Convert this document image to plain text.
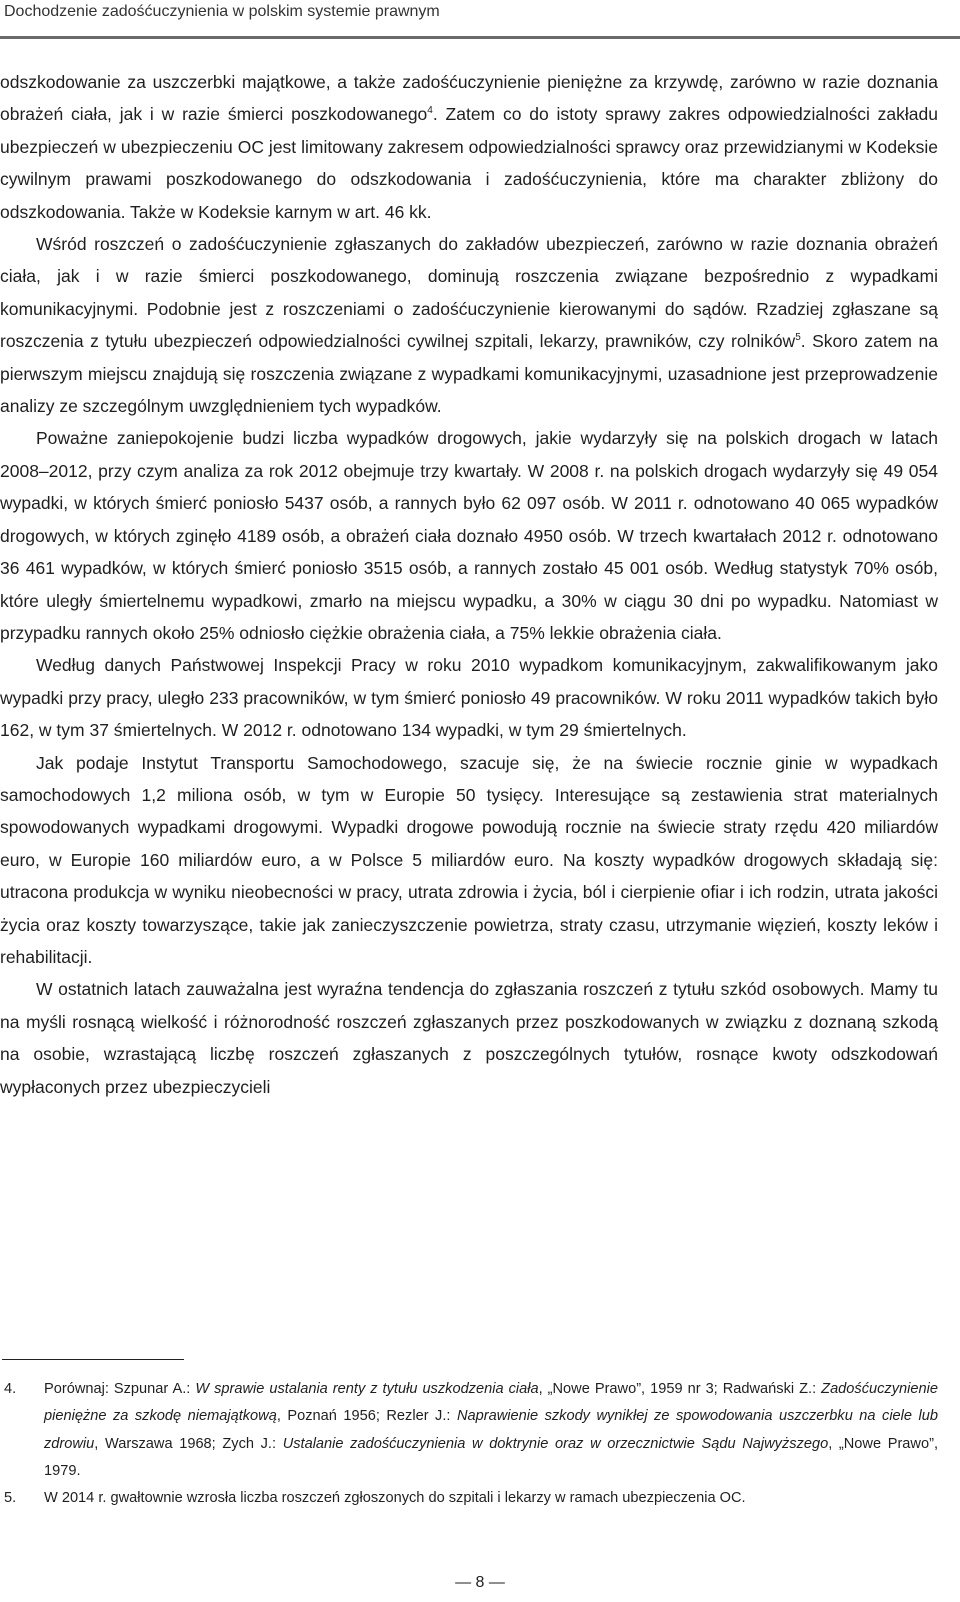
Dochodzenie zadośćuczynienia w polskim systemie prawnym

odszkodowanie za uszczerbki majątkowe, a także zadośćuczynienie pieniężne za krzywdę, zarówno w razie doznania obrażeń ciała, jak i w razie śmierci poszkodowanego$^4$. Zatem co do istoty sprawy zakres odpowiedzialności zakładu ubezpieczeń w ubezpieczeniu OC jest limitowany zakresem odpowiedzialności sprawcy oraz przewidzianymi w Kodeksie cywilnym prawami poszkodowanego do odszkodowania i zadośćuczynienia, które ma charakter zbliżony do odszkodowania. Także w Kodeksie karnym w art. 46 kk.

Wśród roszczeń o zadośćuczynienie zgłaszanych do zakładów ubezpieczeń, zarówno w razie doznania obrażeń ciała, jak i w razie śmierci poszkodowanego, dominują roszczenia związane bezpośrednio z wypadkami komunikacyjnymi. Podobnie jest z roszczeniami o zadośćuczynienie kierowanymi do sądów. Rzadziej zgłaszane są roszczenia z tytułu ubezpieczeń odpowiedzialności cywilnej szpitali, lekarzy, prawników, czy rolników$^5$. Skoro zatem na pierwszym miejscu znajdują się roszczenia związane z wypadkami komunikacyjnymi, uzasadnione jest przeprowadzenie analizy ze szczególnym uwzględnieniem tych wypadków.

Poważne zaniepokojenie budzi liczba wypadków drogowych, jakie wydarzyły się na polskich drogach w latach 2008–2012, przy czym analiza za rok 2012 obejmuje trzy kwartały. W 2008 r. na polskich drogach wydarzyły się 49 054 wypadki, w których śmierć poniosło 5437 osób, a rannych było 62 097 osób. W 2011 r. odnotowano 40 065 wypadków drogowych, w których zginęło 4189 osób, a obrażeń ciała doznało 4950 osób. W trzech kwartałach 2012 r. odnotowano 36 461 wypadków, w których śmierć poniosło 3515 osób, a rannych zostało 45 001 osób. Według statystyk 70% osób, które uległy śmiertelnemu wypadkowi, zmarło na miejscu wypadku, a 30% w ciągu 30 dni po wypadku. Natomiast w przypadku rannych około 25% odniosło ciężkie obrażenia ciała, a 75% lekkie obrażenia ciała.

Według danych Państwowej Inspekcji Pracy w roku 2010 wypadkom komunikacyjnym, zakwalifikowanym jako wypadki przy pracy, uległo 233 pracowników, w tym śmierć poniosło 49 pracowników. W roku 2011 wypadków takich było 162, w tym 37 śmiertelnych. W 2012 r. odnotowano 134 wypadki, w tym 29 śmiertelnych.

Jak podaje Instytut Transportu Samochodowego, szacuje się, że na świecie rocznie ginie w wypadkach samochodowych 1,2 miliona osób, w tym w Europie 50 tysięcy. Interesujące są zestawienia strat materialnych spowodowanych wypadkami drogowymi. Wypadki drogowe powodują rocznie na świecie straty rzędu 420 miliardów euro, w Europie 160 miliardów euro, a w Polsce 5 miliardów euro. Na koszty wypadków drogowych składają się: utracona produkcja w wyniku nieobecności w pracy, utrata zdrowia i życia, ból i cierpienie ofiar i ich rodzin, utrata jakości życia oraz koszty towarzyszące, takie jak zanieczyszczenie powietrza, straty czasu, utrzymanie więzień, koszty leków i rehabilitacji.

W ostatnich latach zauważalna jest wyraźna tendencja do zgłaszania roszczeń z tytułu szkód osobowych. Mamy tu na myśli rosnącą wielkość i różnorodność roszczeń zgłaszanych przez poszkodowanych w związku z doznaną szkodą na osobie, wzrastającą liczbę roszczeń zgłaszanych z poszczególnych tytułów, rosnące kwoty odszkodowań wypłaconych przez ubezpieczycieli

4. Porównaj: Szpunar A.: W sprawie ustalania renty z tytułu uszkodzenia ciała, „Nowe Prawo”, 1959 nr 3; Radwański Z.: Zadośćuczynienie pieniężne za szkodę niemajątkową, Poznań 1956; Rezler J.: Naprawienie szkody wynikłej ze spowodowania uszczerbku na ciele lub zdrowiu, Warszawa 1968; Zych J.: Ustalanie zadośćuczynienia w doktrynie oraz w orzecznictwie Sądu Najwyższego, „Nowe Prawo”, 1979.
5. W 2014 r. gwałtownie wzrosła liczba roszczeń zgłoszonych do szpitali i lekarzy w ramach ubezpieczenia OC.
— 8 —
